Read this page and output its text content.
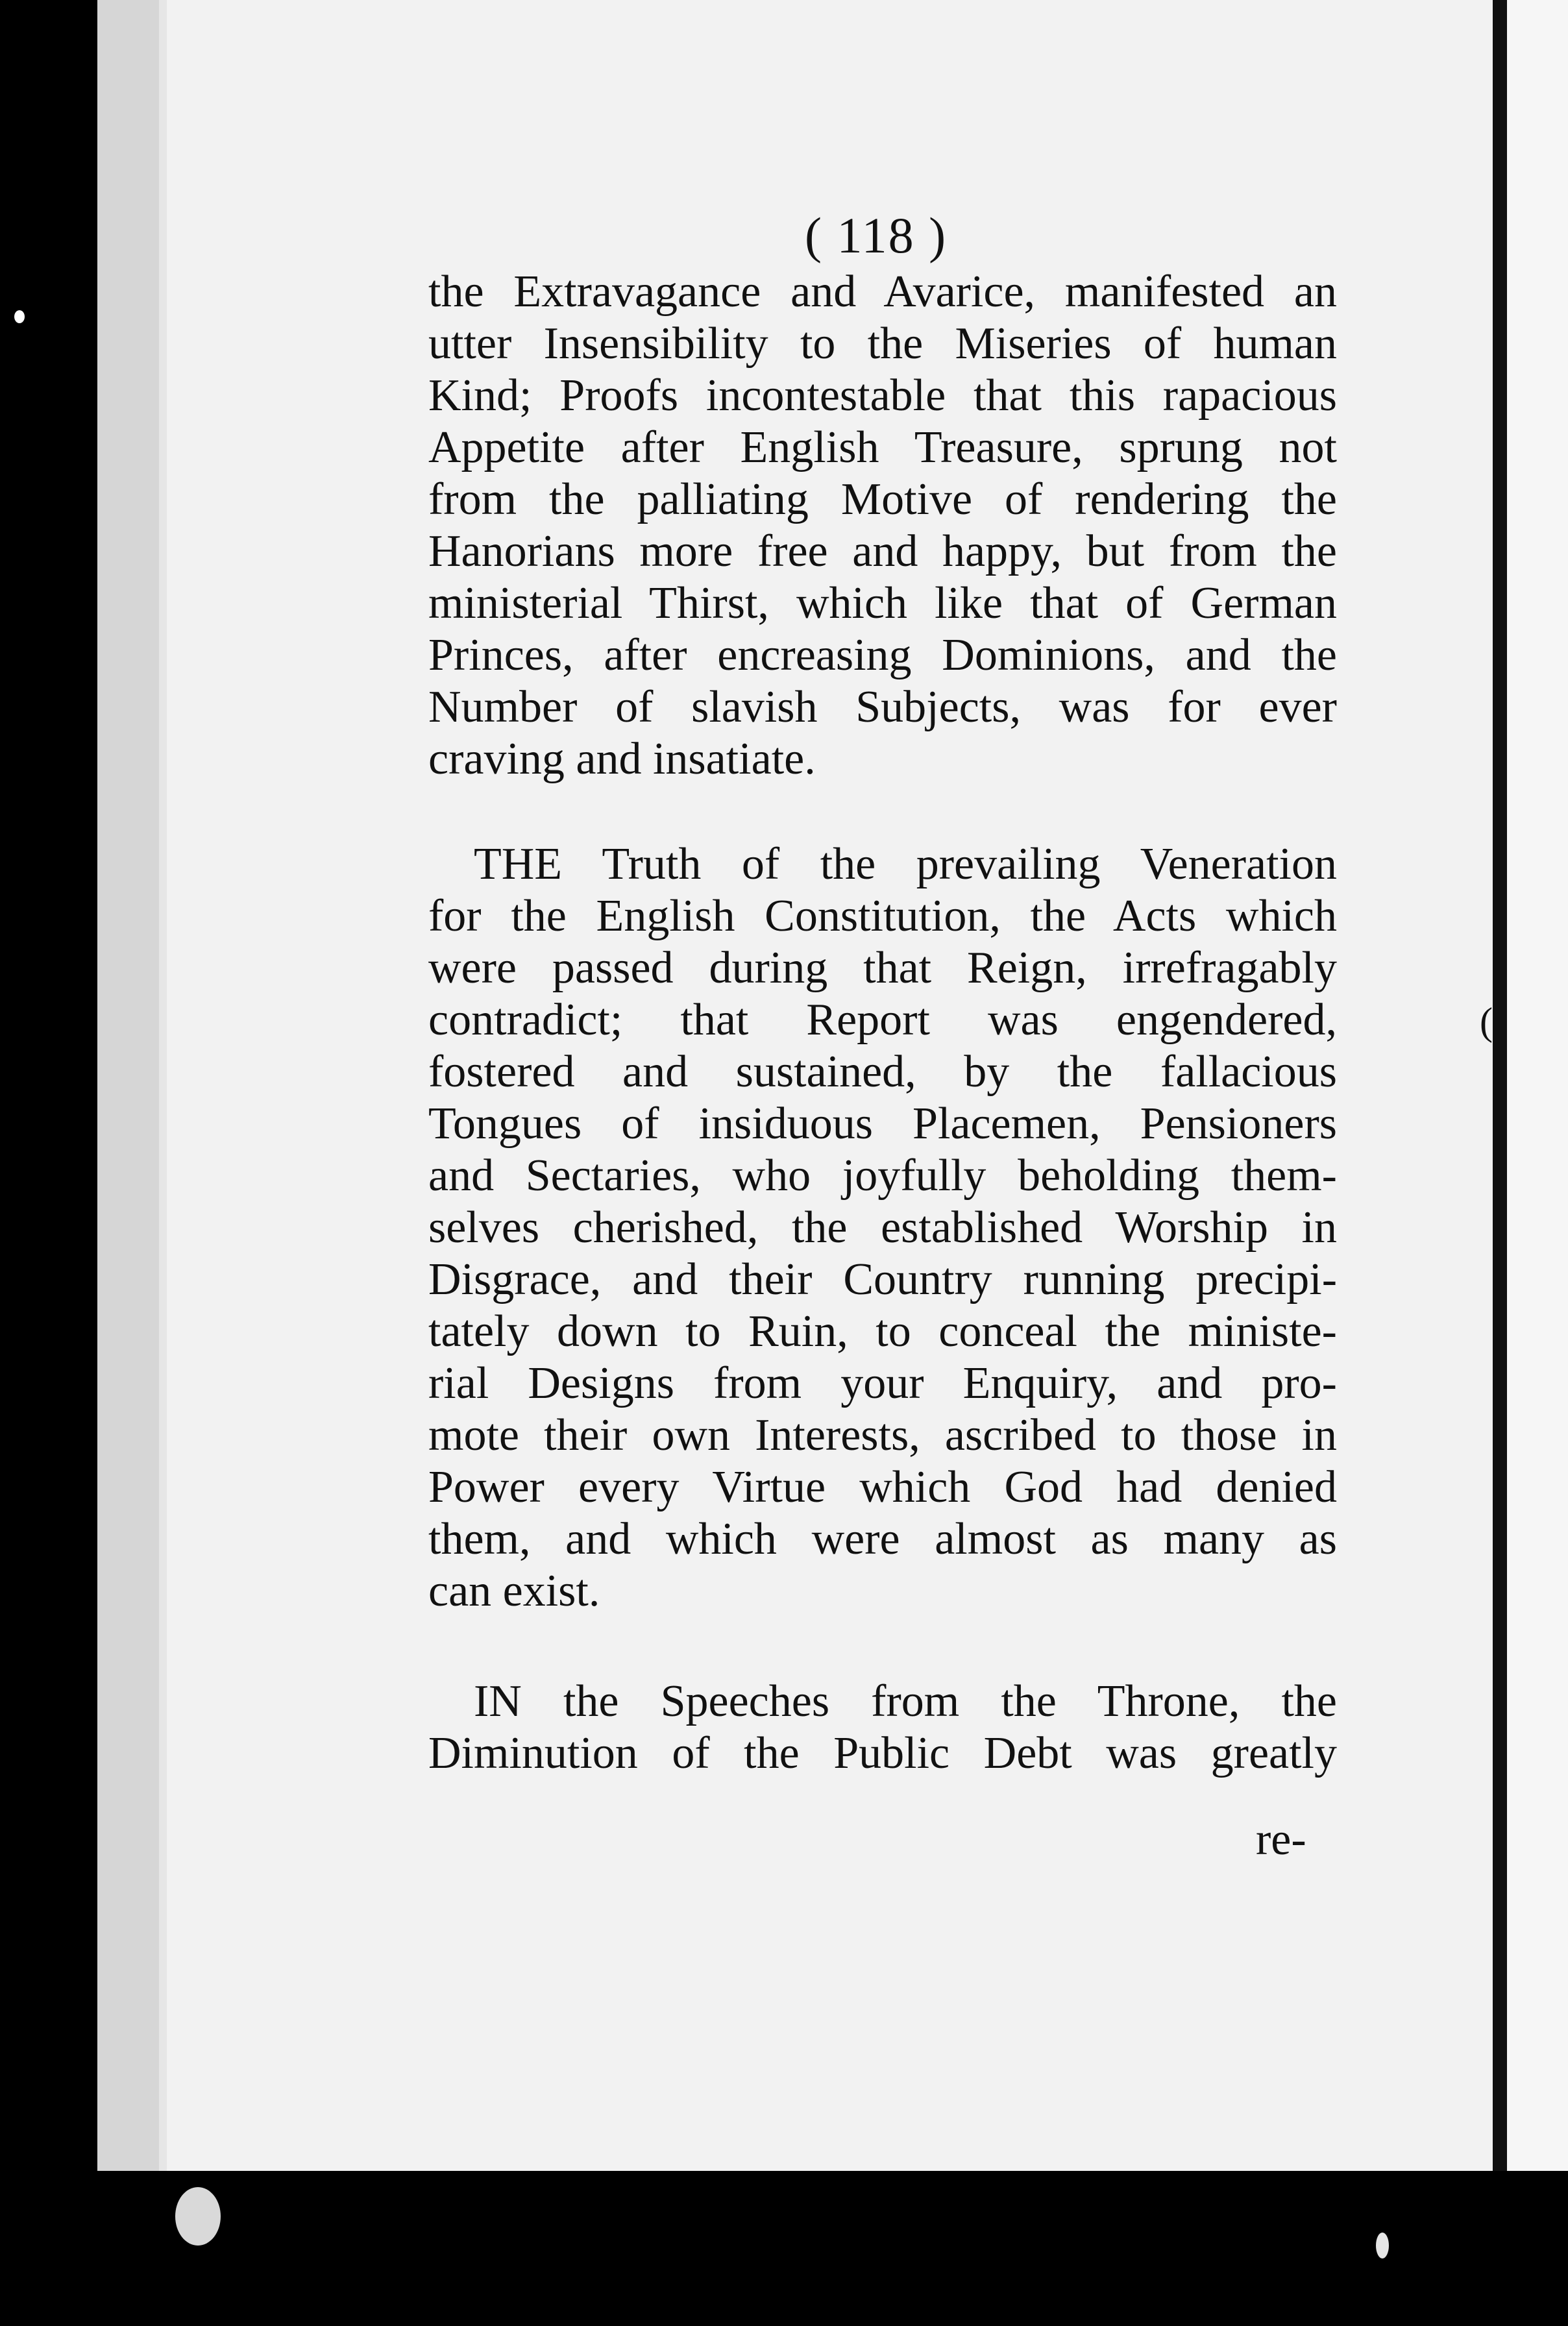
( 118 )
the Extravagance and Avarice, manifested an
utter Insensibility to the Miseries of human
Kind; Proofs incontestable that this rapacious
Appetite after English Treasure, sprung not
from the palliating Motive of rendering the
Hanorians more free and happy, but from the
ministerial Thirst, which like that of German
Princes, after encreasing Dominions, and the
Number of slavish Subjects, was for ever
craving and insatiate.
THE Truth of the prevailing Veneration
for the English Constitution, the Acts which
were passed during that Reign, irrefragably
contradict; that Report was engendered,
fostered and sustained, by the fallacious
Tongues of insiduous Placemen, Pensioners
and Sectaries, who joyfully beholding them-
selves cherished, the established Worship in
Disgrace, and their Country running precipi-
tately down to Ruin, to conceal the ministe-
rial Designs from your Enquiry, and pro-
mote their own Interests, ascribed to those in
Power every Virtue which God had denied
them, and which were almost as many as
can exist.
IN the Speeches from the Throne, the
Diminution of the Public Debt was greatly
re-
(
